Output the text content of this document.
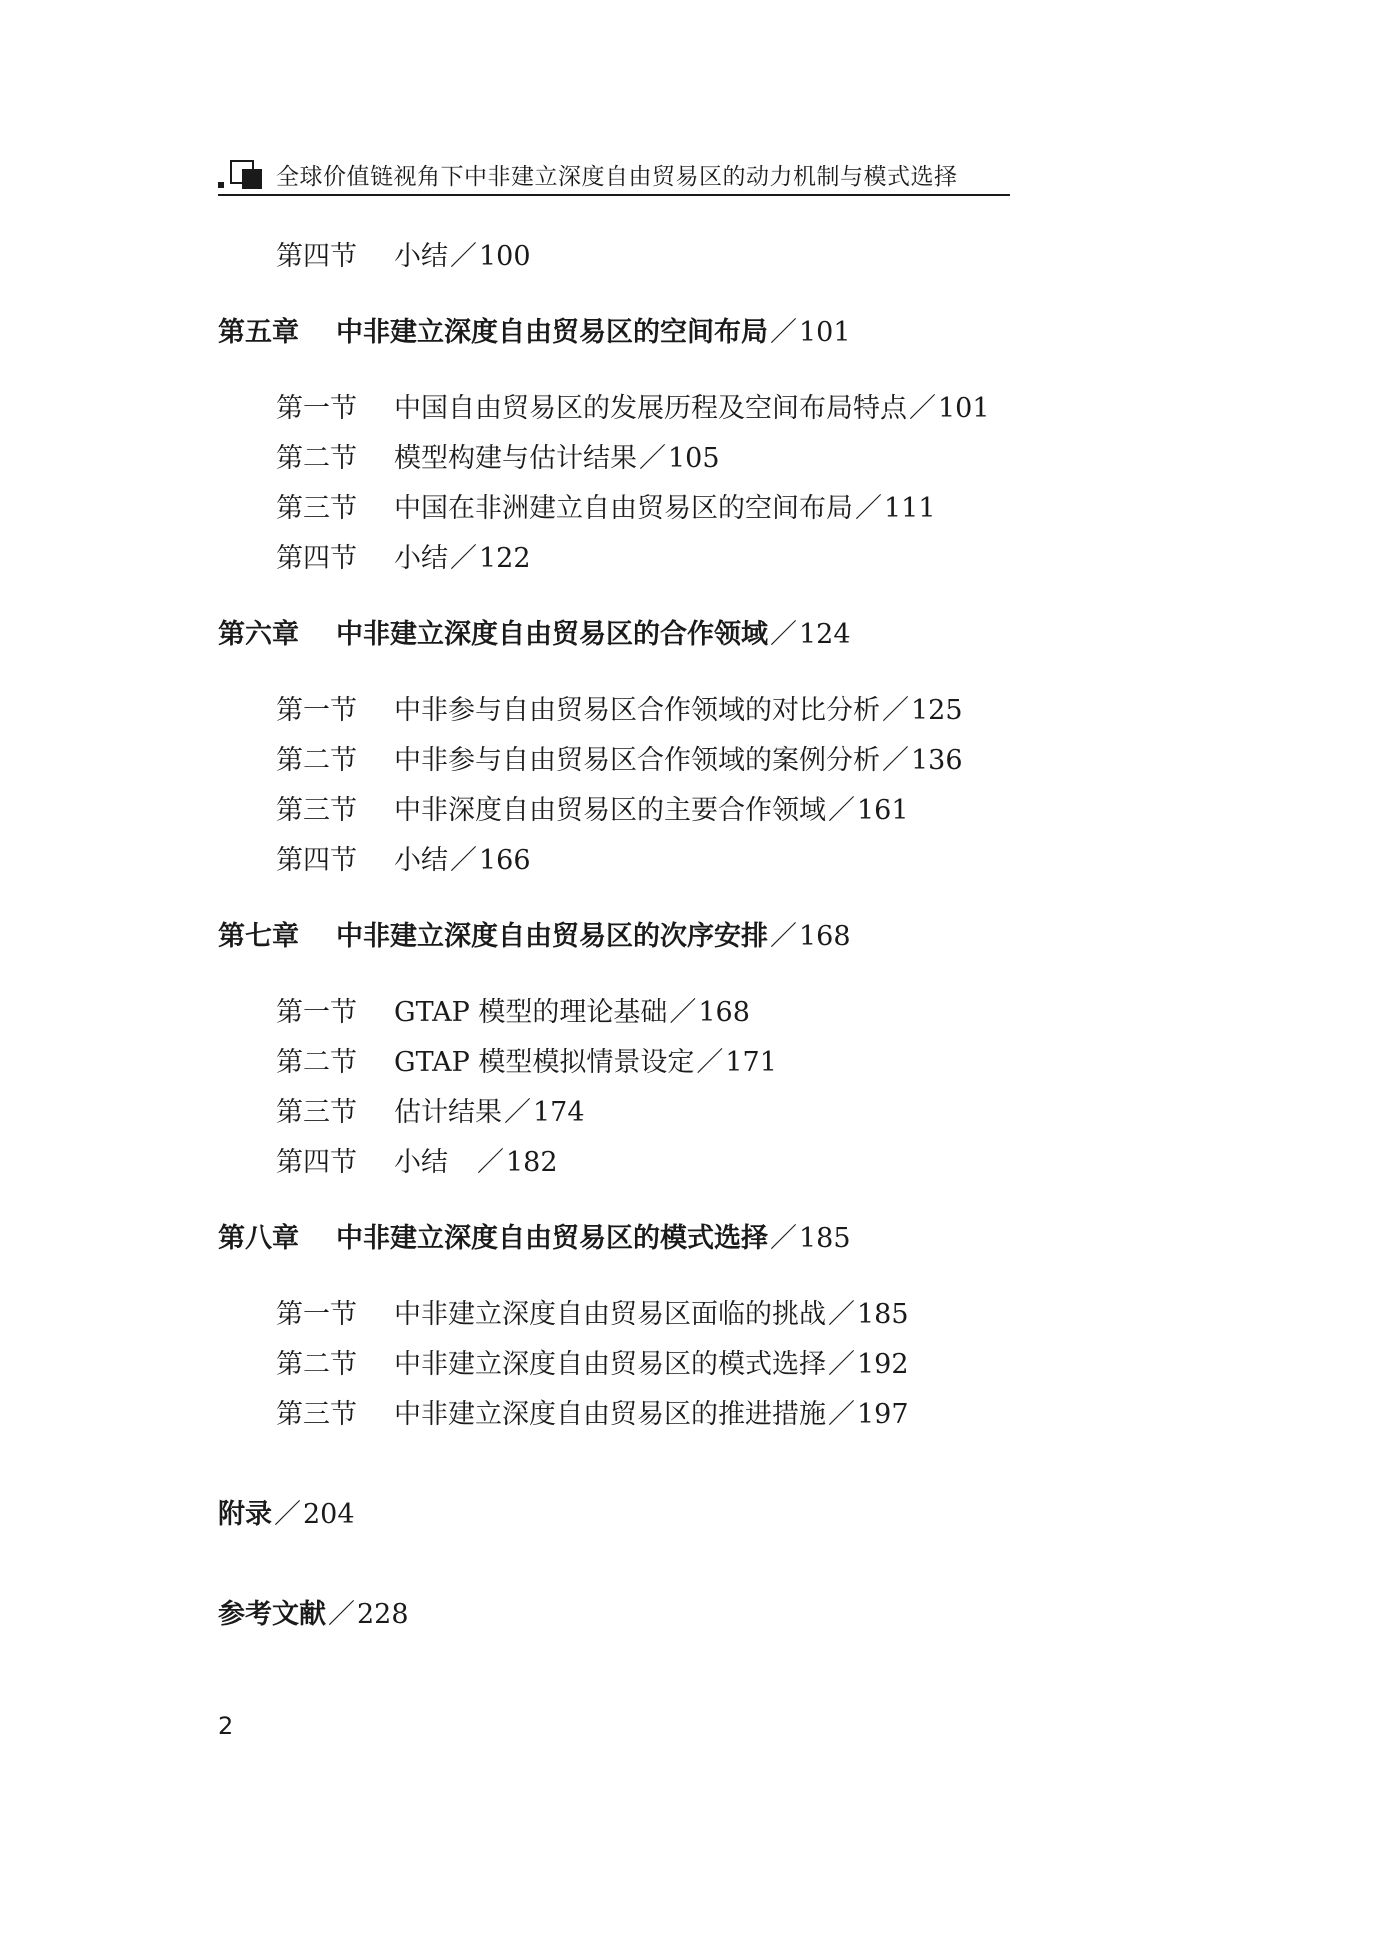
全球价值链视角下中非建立深度自由贸易区的动力机制与模式选择
第四节 小结／100
第五章 中非建立深度自由贸易区的空间布局／101
第一节 中国自由贸易区的发展历程及空间布局特点／101
第二节 模型构建与估计结果／105
第三节 中国在非洲建立自由贸易区的空间布局／111
第四节 小结／122
第六章 中非建立深度自由贸易区的合作领域／124
第一节 中非参与自由贸易区合作领域的对比分析／125
第二节 中非参与自由贸易区合作领域的案例分析／136
第三节 中非深度自由贸易区的主要合作领域／161
第四节 小结／166
第七章 中非建立深度自由贸易区的次序安排／168
第一节 GTAP 模型的理论基础／168
第二节 GTAP 模型模拟情景设定／171
第三节 估计结果／174
第四节 小结　／182
第八章 中非建立深度自由贸易区的模式选择／185
第一节 中非建立深度自由贸易区面临的挑战／185
第二节 中非建立深度自由贸易区的模式选择／192
第三节 中非建立深度自由贸易区的推进措施／197
附录／204
参考文献／228
2
